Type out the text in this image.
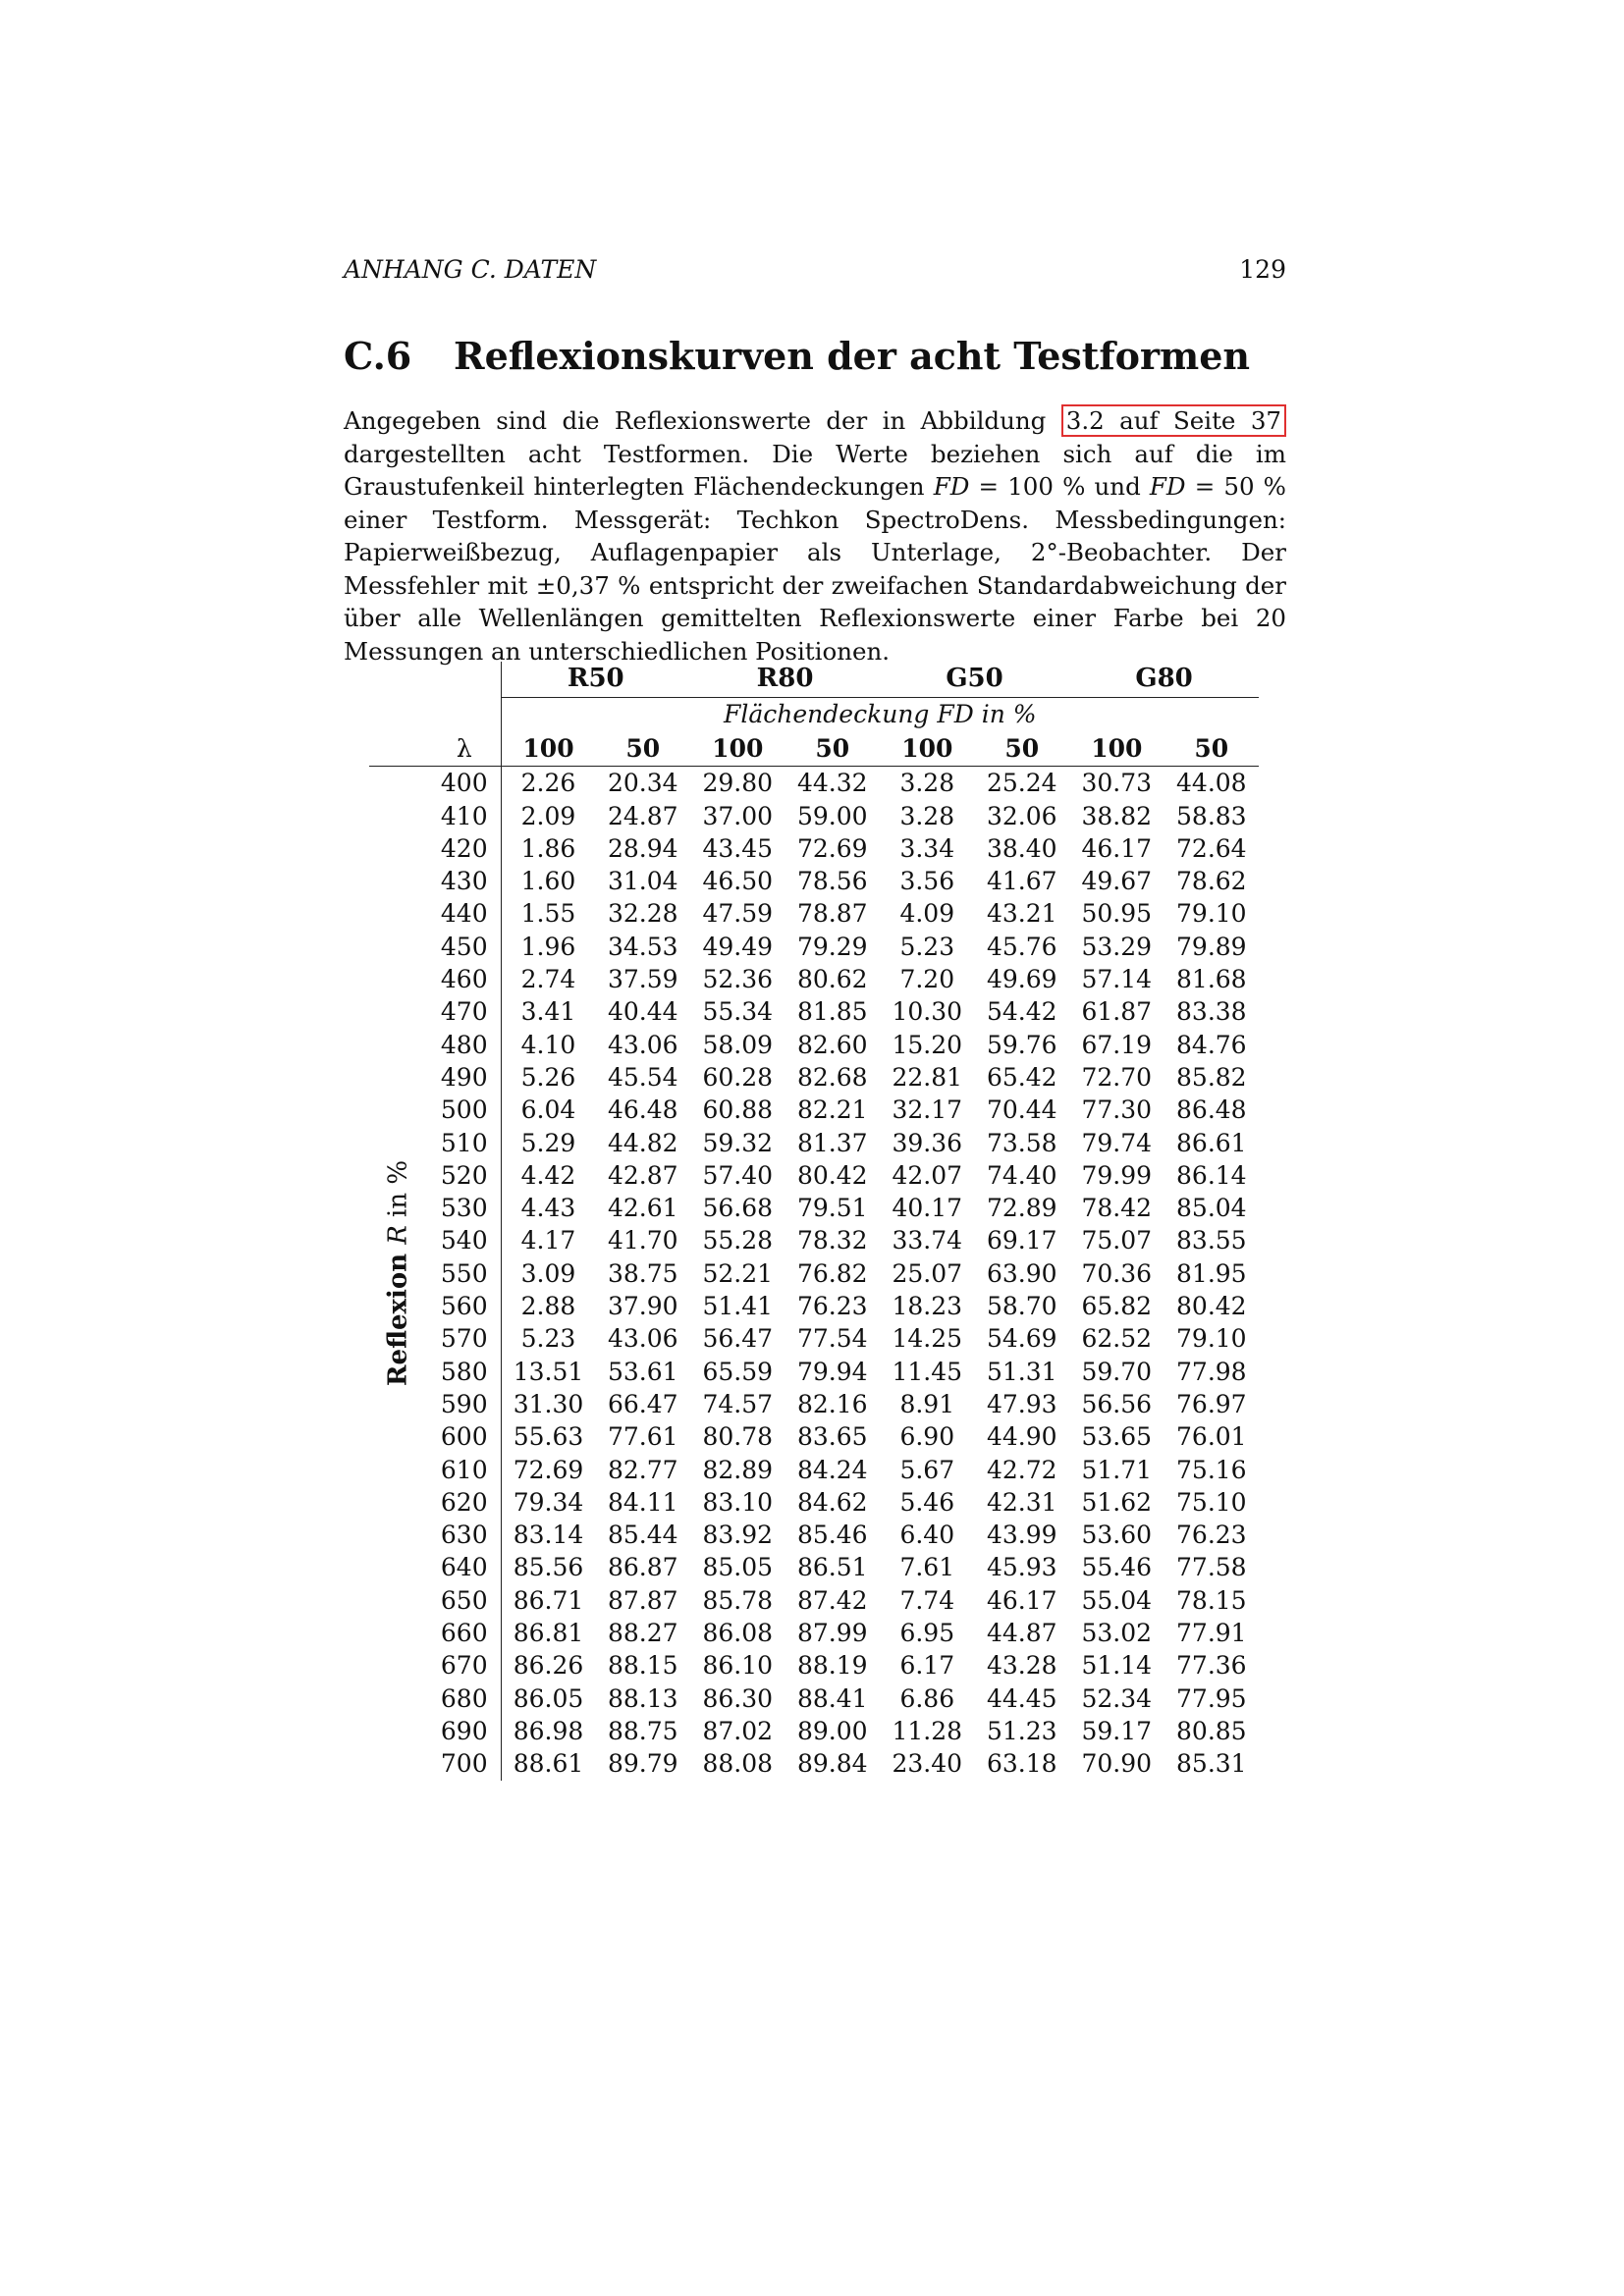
ANHANG C. DATEN	129
C.6 Reflexionskurven der acht Testformen

Angegeben sind die Reflexionswerte der in Abbildung 3.2 auf Seite 37 dargestellten acht Testformen. Die Werte beziehen sich auf die im Graustufenkeil hinterlegten Flächendeckungen FD = 100 % und FD = 50 % einer Testform. Messgerät: Techkon SpectroDens. Messbedingungen: Papierweißbezug, Auflagenpapier als Unterlage, 2°-Beobachter. Der Messfehler mit ±0,37 % entspricht der zweifachen Standardabweichung der über alle Wellenlängen gemittelten Reflexionswerte einer Farbe bei 20 Messungen an unterschiedlichen Positionen.

		R50		R80		G50		G80	
		Flächendeckung FD in %							
	λ	100	50	100	50	100	50	100	50

Reflexion R in %	400	2.26	20.34	29.80	44.32	3.28	25.24	30.73	44.08
	410	2.09	24.87	37.00	59.00	3.28	32.06	38.82	58.83
	420	1.86	28.94	43.45	72.69	3.34	38.40	46.17	72.64
	430	1.60	31.04	46.50	78.56	3.56	41.67	49.67	78.62
	440	1.55	32.28	47.59	78.87	4.09	43.21	50.95	79.10
	450	1.96	34.53	49.49	79.29	5.23	45.76	53.29	79.89
	460	2.74	37.59	52.36	80.62	7.20	49.69	57.14	81.68
	470	3.41	40.44	55.34	81.85	10.30	54.42	61.87	83.38
	480	4.10	43.06	58.09	82.60	15.20	59.76	67.19	84.76
	490	5.26	45.54	60.28	82.68	22.81	65.42	72.70	85.82
	500	6.04	46.48	60.88	82.21	32.17	70.44	77.30	86.48
	510	5.29	44.82	59.32	81.37	39.36	73.58	79.74	86.61
	520	4.42	42.87	57.40	80.42	42.07	74.40	79.99	86.14
	530	4.43	42.61	56.68	79.51	40.17	72.89	78.42	85.04
	540	4.17	41.70	55.28	78.32	33.74	69.17	75.07	83.55
	550	3.09	38.75	52.21	76.82	25.07	63.90	70.36	81.95
	560	2.88	37.90	51.41	76.23	18.23	58.70	65.82	80.42
	570	5.23	43.06	56.47	77.54	14.25	54.69	62.52	79.10
	580	13.51	53.61	65.59	79.94	11.45	51.31	59.70	77.98
	590	31.30	66.47	74.57	82.16	8.91	47.93	56.56	76.97
	600	55.63	77.61	80.78	83.65	6.90	44.90	53.65	76.01
	610	72.69	82.77	82.89	84.24	5.67	42.72	51.71	75.16
	620	79.34	84.11	83.10	84.62	5.46	42.31	51.62	75.10
	630	83.14	85.44	83.92	85.46	6.40	43.99	53.60	76.23
	640	85.56	86.87	85.05	86.51	7.61	45.93	55.46	77.58
	650	86.71	87.87	85.78	87.42	7.74	46.17	55.04	78.15
	660	86.81	88.27	86.08	87.99	6.95	44.87	53.02	77.91
	670	86.26	88.15	86.10	88.19	6.17	43.28	51.14	77.36
	680	86.05	88.13	86.30	88.41	6.86	44.45	52.34	77.95
	690	86.98	88.75	87.02	89.00	11.28	51.23	59.17	80.85
	700	88.61	89.79	88.08	89.84	23.40	63.18	70.90	85.31
